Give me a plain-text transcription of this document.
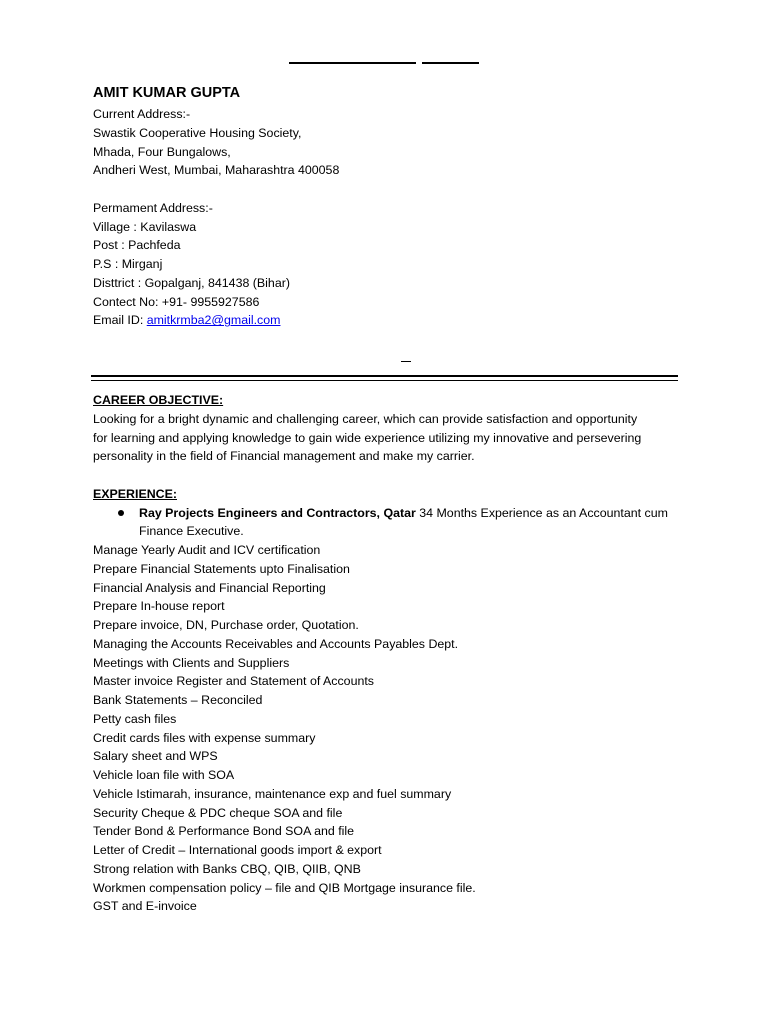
AMIT KUMAR GUPTA
Current Address:-
Swastik Cooperative Housing Society,
Mhada, Four Bungalows,
Andheri West, Mumbai, Maharashtra 400058
Permament Address:-
Village : Kavilaswa
Post : Pachfeda
P.S : Mirganj
Disttrict : Gopalganj, 841438 (Bihar)
Contect No: +91- 9955927586
Email ID: amitkrmba2@gmail.com
CAREER OBJECTIVE:
Looking for a bright dynamic and challenging career, which can provide satisfaction and opportunity
for learning and applying knowledge to gain wide experience utilizing my innovative and persevering
personality in the field of Financial management and make my carrier.
EXPERIENCE:
Ray Projects Engineers and Contractors, Qatar 34 Months Experience as an Accountant cum Finance Executive.
Manage Yearly Audit and ICV certification
Prepare Financial Statements upto Finalisation
Financial Analysis and Financial Reporting
Prepare In-house report
Prepare invoice, DN, Purchase order, Quotation.
Managing the Accounts Receivables and Accounts Payables Dept.
Meetings with Clients and Suppliers
Master invoice Register and Statement of Accounts
Bank Statements – Reconciled
Petty cash files
Credit cards files with expense summary
Salary sheet and WPS
Vehicle loan file with SOA
Vehicle Istimarah, insurance, maintenance exp and fuel summary
Security Cheque & PDC cheque SOA and file
Tender Bond & Performance Bond SOA and file
Letter of Credit – International goods import & export
Strong relation with Banks CBQ, QIB, QIIB, QNB
Workmen compensation policy – file and QIB Mortgage insurance file.
GST and E-invoice
